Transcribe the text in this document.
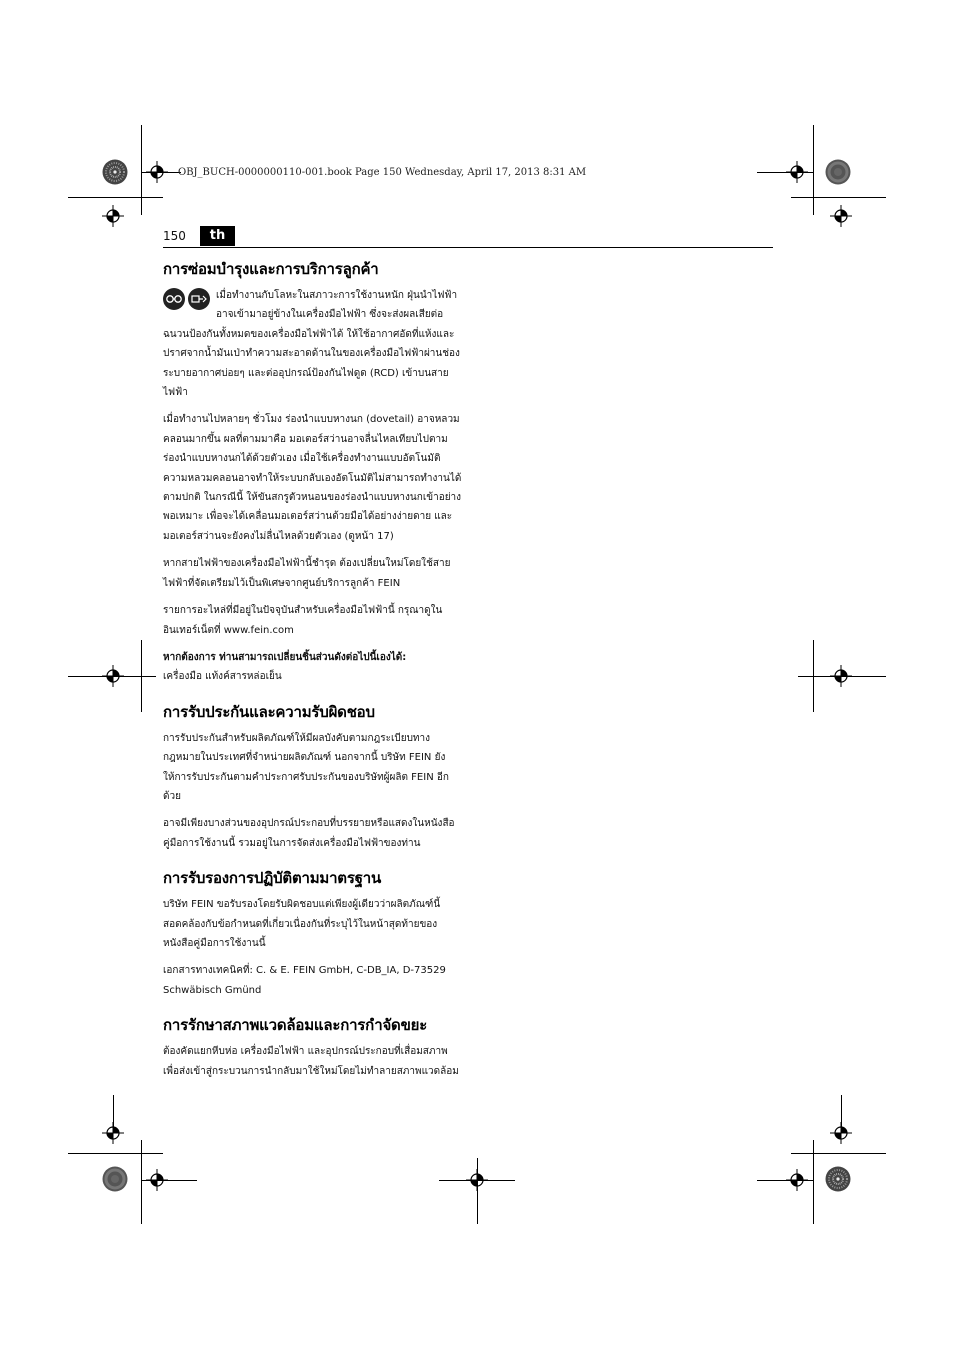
OBJ_BUCH-0000000110-001.book Page 150 Wednesday, April 17, 2013 8:31 AM
150	th
การซ่อมบำรุงและการบริการลูกค้า

เมื่อทำงานกับโลหะในสภาวะการใช้งานหนัก ฝุ่นนำไฟฟ้าอาจเข้ามาอยู่ข้างในเครื่องมือไฟฟ้า ซึ่งจะส่งผลเสียต่อฉนวนป้องกันทั้งหมดของเครื่องมือไฟฟ้าได้ ให้ใช้อากาศอัดที่แห้งและปราศจากน้ำมันเป่าทำความสะอาดด้านในของเครื่องมือไฟฟ้าผ่านช่องระบายอากาศบ่อยๆ และต่ออุปกรณ์ป้องกันไฟดูด (RCD) เข้าบนสายไฟฟ้า

เมื่อทำงานไปหลายๆ ชั่วโมง ร่องนำแบบหางนก (dovetail) อาจหลวมคลอนมากขึ้น ผลที่ตามมาคือ มอเตอร์สว่านอาจลื่นไหลเทียบไปตามร่องนำแบบหางนกได้ด้วยตัวเอง เมื่อใช้เครื่องทำงานแบบอัตโนมัติ ความหลวมคลอนอาจทำให้ระบบกลับเองอัตโนมัติไม่สามารถทำงานได้ตามปกติ ในกรณีนี้ ให้ขันสกรูตัวหนอนของร่องนำแบบหางนกเข้าอย่างพอเหมาะ เพื่อจะได้เคลื่อนมอเตอร์สว่านด้วยมือได้อย่างง่ายดาย และมอเตอร์สว่านจะยังคงไม่ลื่นไหลด้วยตัวเอง (ดูหน้า 17)

หากสายไฟฟ้าของเครื่องมือไฟฟ้านี้ชำรุด ต้องเปลี่ยนใหม่โดยใช้สายไฟฟ้าที่จัดเตรียมไว้เป็นพิเศษจากศูนย์บริการลูกค้า FEIN

รายการอะไหล่ที่มีอยู่ในปัจจุบันสำหรับเครื่องมือไฟฟ้านี้ กรุณาดูในอินเทอร์เน็ตที่ www.fein.com

หากต้องการ ท่านสามารถเปลี่ยนชิ้นส่วนดังต่อไปนี้เองได้:
เครื่องมือ แท้งค์สารหล่อเย็น

การรับประกันและความรับผิดชอบ

การรับประกันสำหรับผลิตภัณฑ์ให้มีผลบังคับตามกฎระเบียบทางกฎหมายในประเทศที่จำหน่ายผลิตภัณฑ์ นอกจากนี้ บริษัท FEIN ยังให้การรับประกันตามคำประกาศรับประกันของบริษัทผู้ผลิต FEIN อีกด้วย

อาจมีเพียงบางส่วนของอุปกรณ์ประกอบที่บรรยายหรือแสดงในหนังสือคู่มือการใช้งานนี้ รวมอยู่ในการจัดส่งเครื่องมือไฟฟ้าของท่าน

การรับรองการปฏิบัติตามมาตรฐาน

บริษัท FEIN ขอรับรองโดยรับผิดชอบแต่เพียงผู้เดียวว่าผลิตภัณฑ์นี้สอดคล้องกับข้อกำหนดที่เกี่ยวเนื่องกันที่ระบุไว้ในหน้าสุดท้ายของหนังสือคู่มือการใช้งานนี้

เอกสารทางเทคนิคที่: C. & E. FEIN GmbH, C-DB_IA, D-73529 Schwäbisch Gmünd

การรักษาสภาพแวดล้อมและการกำจัดขยะ

ต้องคัดแยกหีบห่อ เครื่องมือไฟฟ้า และอุปกรณ์ประกอบที่เสื่อมสภาพ เพื่อส่งเข้าสู่กระบวนการนำกลับมาใช้ใหม่โดยไม่ทำลายสภาพแวดล้อม
